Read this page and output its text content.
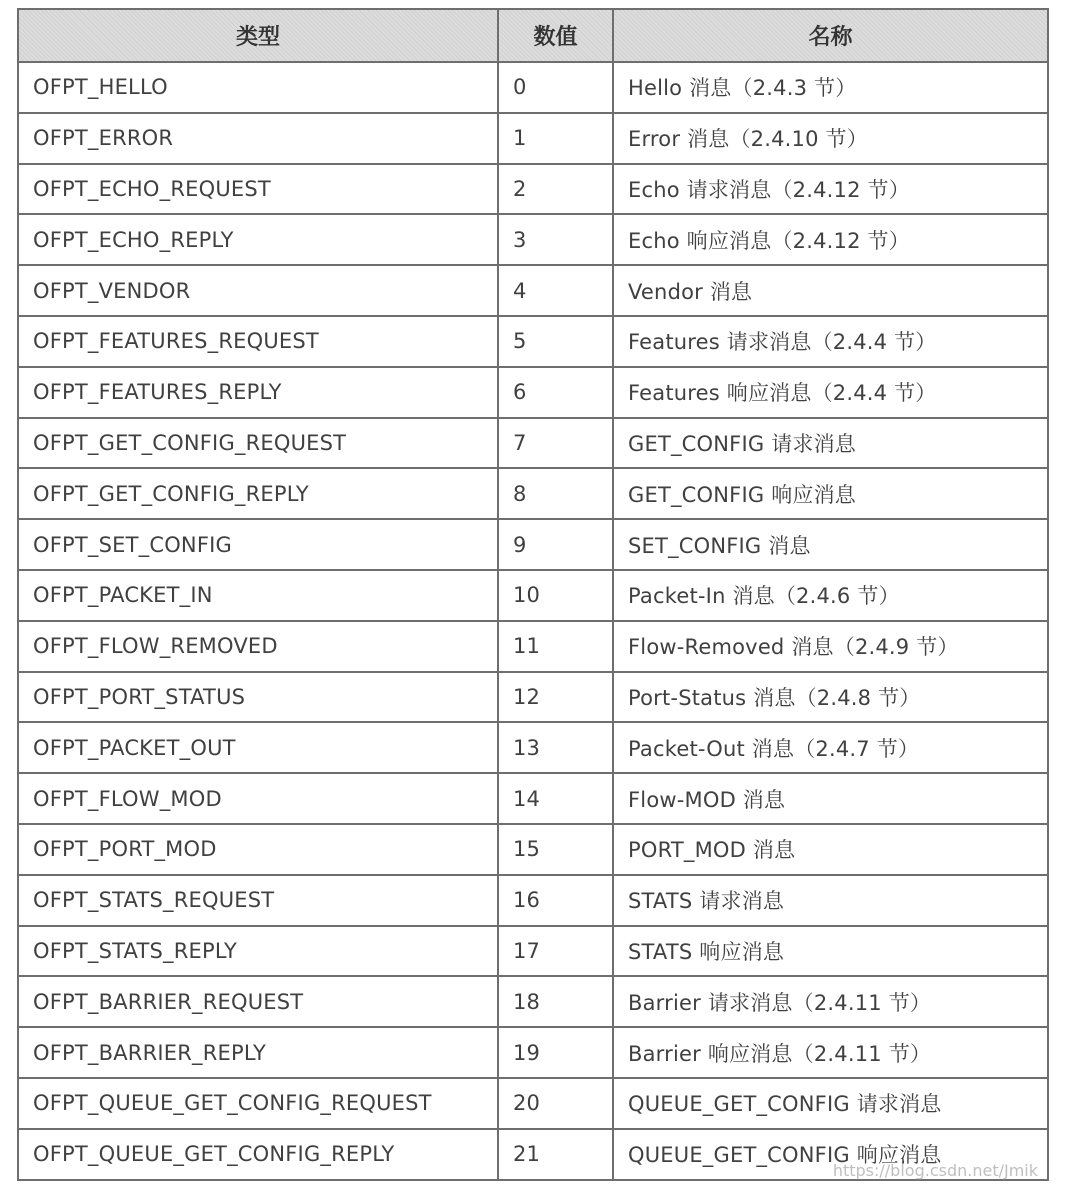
类型	数值	名称
OFPT_HELLO	0	Hello 消息（2.4.3 节）
OFPT_ERROR	1	Error 消息（2.4.10 节）
OFPT_ECHO_REQUEST	2	Echo 请求消息（2.4.12 节）
OFPT_ECHO_REPLY	3	Echo 响应消息（2.4.12 节）
OFPT_VENDOR	4	Vendor 消息
OFPT_FEATURES_REQUEST	5	Features 请求消息（2.4.4 节）
OFPT_FEATURES_REPLY	6	Features 响应消息（2.4.4 节）
OFPT_GET_CONFIG_REQUEST	7	GET_CONFIG 请求消息
OFPT_GET_CONFIG_REPLY	8	GET_CONFIG 响应消息
OFPT_SET_CONFIG	9	SET_CONFIG 消息
OFPT_PACKET_IN	10	Packet-In 消息（2.4.6 节）
OFPT_FLOW_REMOVED	11	Flow-Removed 消息（2.4.9 节）
OFPT_PORT_STATUS	12	Port-Status 消息（2.4.8 节）
OFPT_PACKET_OUT	13	Packet-Out 消息（2.4.7 节）
OFPT_FLOW_MOD	14	Flow-MOD 消息
OFPT_PORT_MOD	15	PORT_MOD 消息
OFPT_STATS_REQUEST	16	STATS 请求消息
OFPT_STATS_REPLY	17	STATS 响应消息
OFPT_BARRIER_REQUEST	18	Barrier 请求消息（2.4.11 节）
OFPT_BARRIER_REPLY	19	Barrier 响应消息（2.4.11 节）
OFPT_QUEUE_GET_CONFIG_REQUEST	20	QUEUE_GET_CONFIG 请求消息
OFPT_QUEUE_GET_CONFIG_REPLY	21	QUEUE_GET_CONFIG 响应消息
https://blog.csdn.net/Jmik
